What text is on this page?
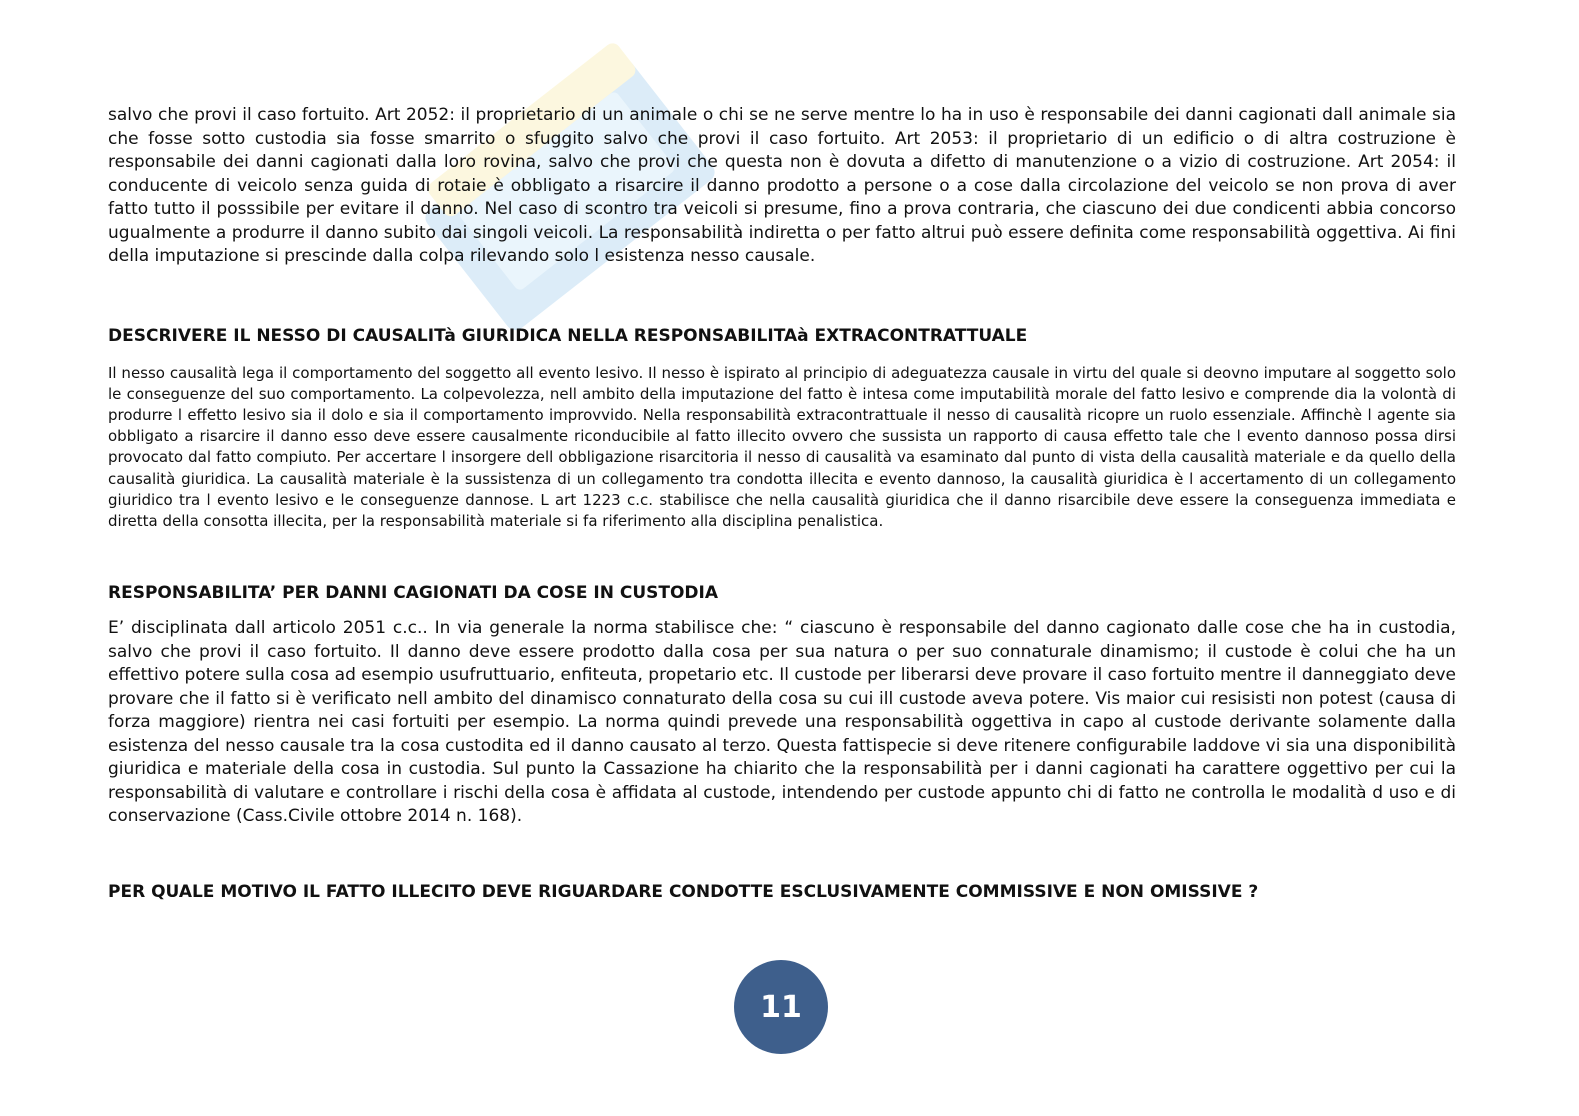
salvo che provi il caso fortuito. Art 2052: il proprietario di un animale o chi se ne serve mentre lo ha in uso è responsabile dei danni cagionati dall animale sia che fosse sotto custodia sia fosse smarrito o sfuggito salvo che provi il caso fortuito. Art 2053: il proprietario di un edificio o di altra costruzione è responsabile dei danni cagionati dalla loro rovina, salvo che provi che questa non è dovuta a difetto di manutenzione o a vizio di costruzione. Art 2054: il conducente di veicolo senza guida di rotaie è obbligato a risarcire il danno prodotto a persone o a cose dalla circolazione del veicolo se non prova di aver fatto tutto il posssibile per evitare il danno. Nel caso di scontro tra veicoli si presume, fino a prova contraria, che ciascuno dei due condicenti abbia concorso ugualmente a produrre il danno subito dai singoli veicoli. La responsabilità indiretta o per fatto altrui può essere definita come responsabilità oggettiva. Ai fini della imputazione si prescinde dalla colpa rilevando solo l esistenza nesso causale.

DESCRIVERE IL NESSO DI CAUSALITà GIURIDICA NELLA RESPONSABILITAà EXTRACONTRATTUALE

Il nesso causalità lega il comportamento del soggetto all evento lesivo. Il nesso è ispirato al principio di adeguatezza causale in virtu del quale si deovno imputare al soggetto solo le conseguenze del suo comportamento. La colpevolezza, nell ambito della imputazione del fatto è intesa come imputabilità morale del fatto lesivo e comprende dia la volontà di produrre l effetto lesivo sia il dolo e sia il comportamento improvvido. Nella responsabilità extracontrattuale il nesso di causalità ricopre un ruolo essenziale. Affinchè l agente sia obbligato a risarcire il danno esso deve essere causalmente riconducibile al fatto illecito ovvero che sussista un rapporto di causa effetto tale che l evento dannoso possa dirsi provocato dal fatto compiuto. Per accertare l insorgere dell obbligazione risarcitoria il nesso di causalità va esaminato dal punto di vista della causalità materiale e da quello della causalità giuridica. La causalità materiale è la sussistenza di un collegamento tra condotta illecita e evento dannoso, la causalità giuridica è l accertamento di un collegamento giuridico tra l evento lesivo e le conseguenze dannose. L art 1223 c.c. stabilisce che nella causalità giuridica che il danno risarcibile deve essere la conseguenza immediata e diretta della consotta illecita, per la responsabilità materiale si fa riferimento alla disciplina penalistica.

RESPONSABILITA’ PER DANNI CAGIONATI DA COSE IN CUSTODIA

E’ disciplinata dall articolo 2051 c.c.. In via generale la norma stabilisce che: “ ciascuno è responsabile del danno cagionato dalle cose che ha in custodia, salvo che provi il caso fortuito. Il danno deve essere prodotto dalla cosa per sua natura o per suo connaturale dinamismo; il custode è colui che ha un effettivo potere sulla cosa ad esempio usufruttuario, enfiteuta, propetario etc. Il custode per liberarsi deve provare il caso fortuito mentre il danneggiato deve provare che il fatto si è verificato nell ambito del dinamisco connaturato della cosa su cui ill custode aveva potere. Vis maior cui resisisti non potest (causa di forza maggiore) rientra nei casi fortuiti per esempio. La norma quindi prevede una responsabilità oggettiva in capo al custode derivante solamente dalla esistenza del nesso causale tra la cosa custodita ed il danno causato al terzo. Questa fattispecie si deve ritenere configurabile laddove vi sia una disponibilità giuridica e materiale della cosa in custodia. Sul punto la Cassazione ha chiarito che la responsabilità per i danni cagionati ha carattere oggettivo per cui la responsabilità di valutare e controllare i rischi della cosa è affidata al custode, intendendo per custode appunto chi di fatto ne controlla le modalità d uso e di conservazione (Cass.Civile ottobre 2014 n. 168).

PER QUALE MOTIVO IL FATTO ILLECITO DEVE RIGUARDARE CONDOTTE ESCLUSIVAMENTE COMMISSIVE E NON OMISSIVE ?
11
